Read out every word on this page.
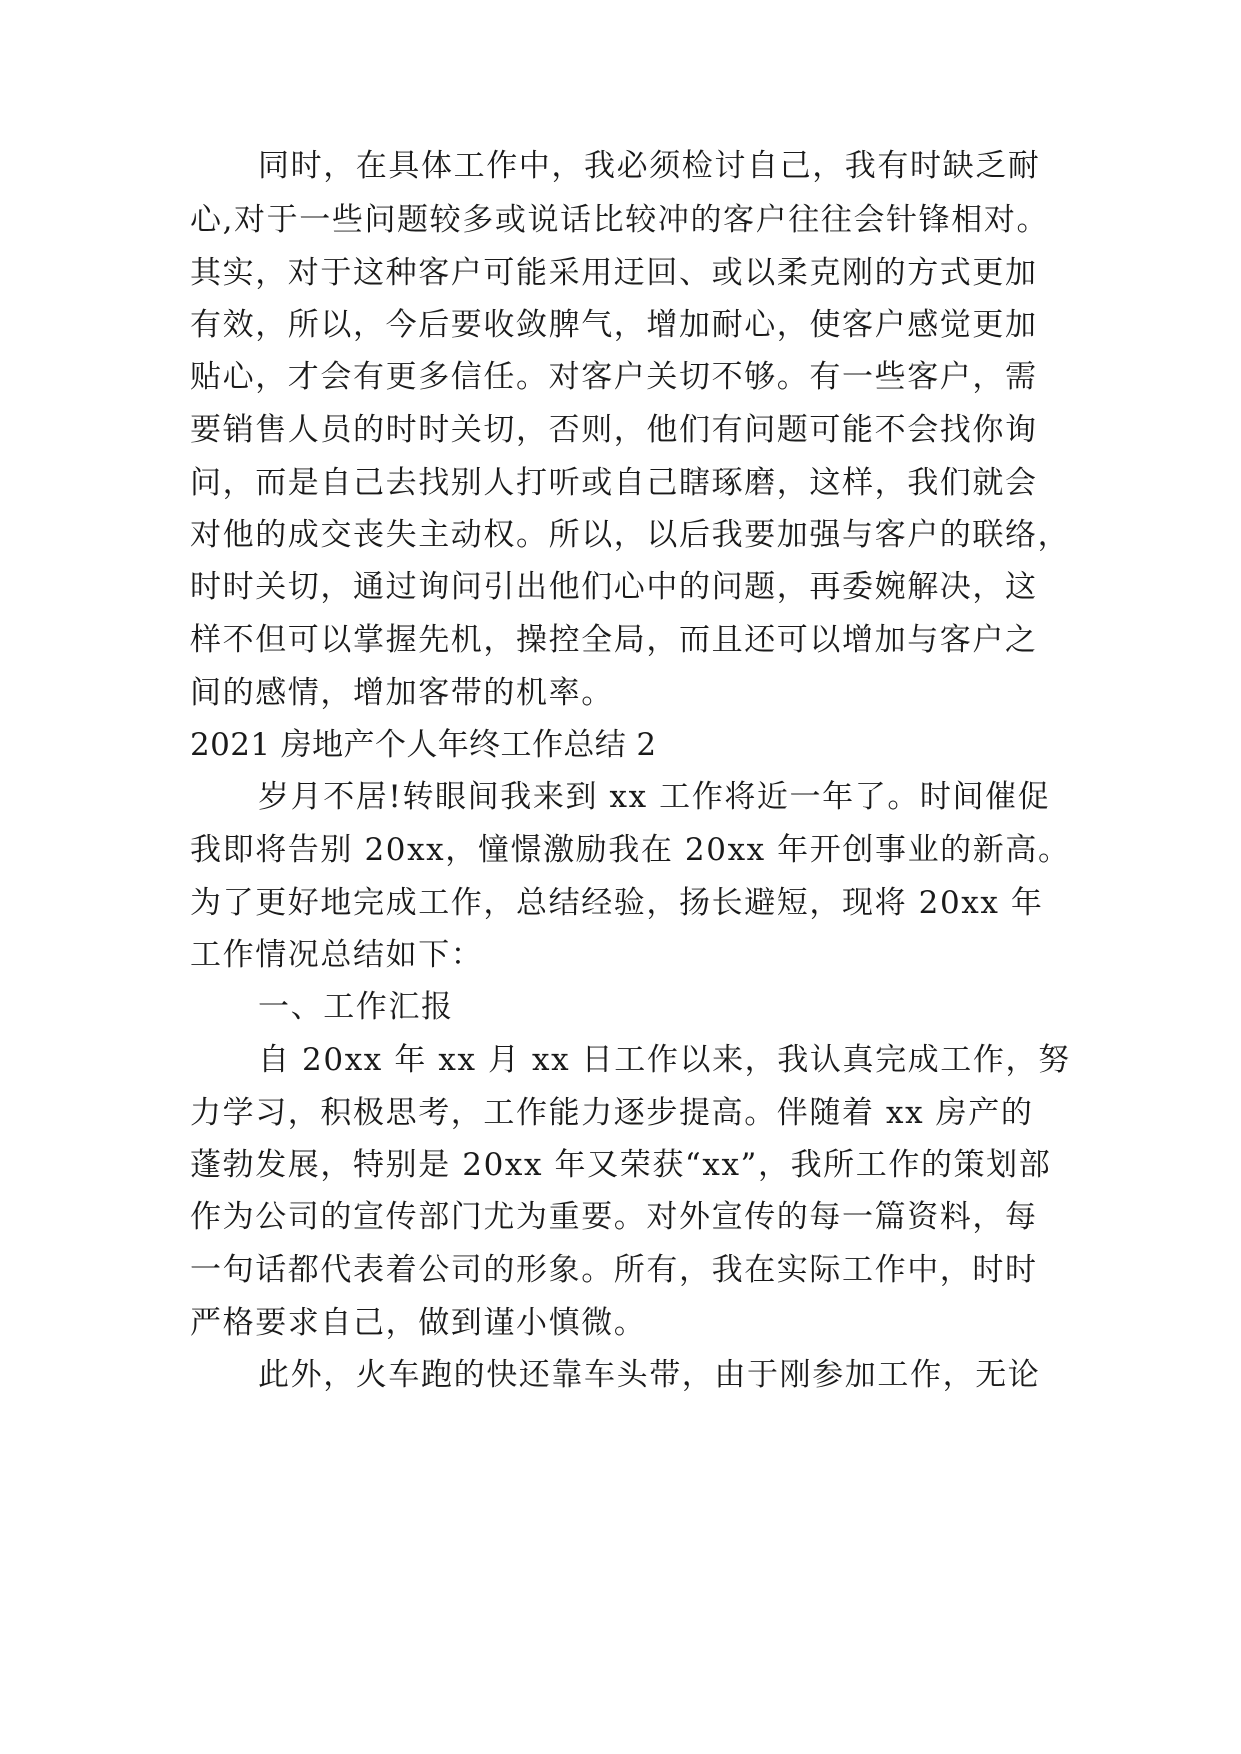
同时，在具体工作中，我必须检讨自己，我有时缺乏耐
心,对于一些问题较多或说话比较冲的客户往往会针锋相对。
其实，对于这种客户可能采用迂回、或以柔克刚的方式更加
有效，所以，今后要收敛脾气，增加耐心，使客户感觉更加
贴心，才会有更多信任。对客户关切不够。有一些客户，需
要销售人员的时时关切，否则，他们有问题可能不会找你询
问，而是自己去找别人打听或自己瞎琢磨，这样，我们就会
对他的成交丧失主动权。所以，以后我要加强与客户的联络，
时时关切，通过询问引出他们心中的问题，再委婉解决，这
样不但可以掌握先机，操控全局，而且还可以增加与客户之
间的感情，增加客带的机率。
2021 房地产个人年终工作总结 2
岁月不居!转眼间我来到 xx 工作将近一年了。时间催促
我即将告别 20xx，憧憬激励我在 20xx 年开创事业的新高。
为了更好地完成工作，总结经验，扬长避短，现将 20xx 年
工作情况总结如下：
一、工作汇报
自 20xx 年 xx 月 xx 日工作以来，我认真完成工作，努
力学习，积极思考，工作能力逐步提高。伴随着 xx 房产的
蓬勃发展，特别是 20xx 年又荣获“xx”，我所工作的策划部
作为公司的宣传部门尤为重要。对外宣传的每一篇资料，每
一句话都代表着公司的形象。所有，我在实际工作中，时时
严格要求自己，做到谨小慎微。
此外，火车跑的快还靠车头带，由于刚参加工作，无论
